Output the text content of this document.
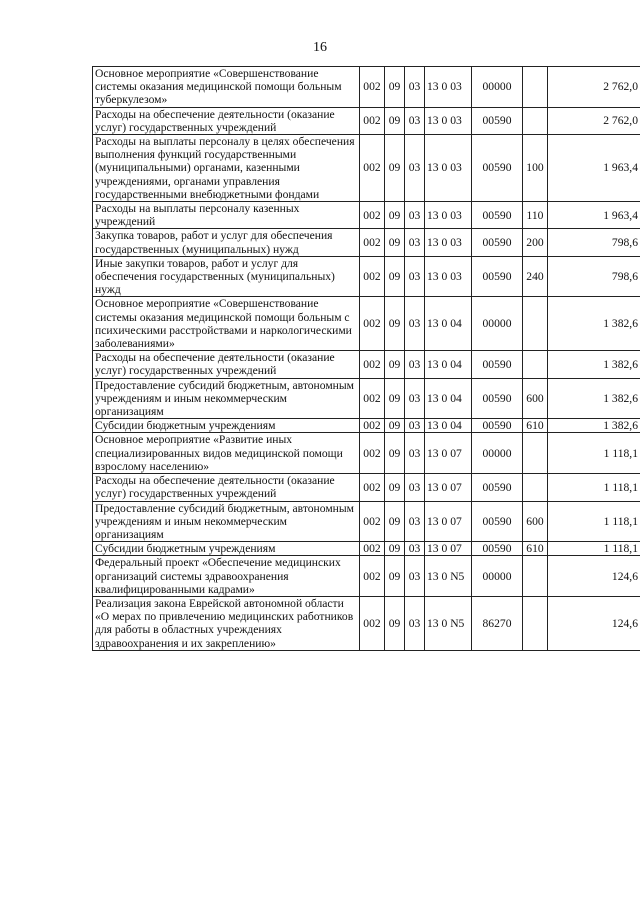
16
Основное мероприятие «Совершенствование системы оказания медицинской помощи больным туберкулезом»	002	09	03	13 0 03	00000		2 762,0
Расходы на обеспечение деятельности (оказание услуг) государственных учреждений	002	09	03	13 0 03	00590		2 762,0
Расходы на выплаты персоналу в целях обеспечения выполнения функций государственными (муниципальными) органами, казенными учреждениями, органами управления государственными внебюджетными фондами	002	09	03	13 0 03	00590	100	1 963,4
Расходы на выплаты персоналу казенных учреждений	002	09	03	13 0 03	00590	110	1 963,4
Закупка товаров, работ и услуг для обеспечения государственных (муниципальных) нужд	002	09	03	13 0 03	00590	200	798,6
Иные закупки товаров, работ и услуг для обеспечения государственных (муниципальных) нужд	002	09	03	13 0 03	00590	240	798,6
Основное мероприятие «Совершенствование системы оказания медицинской помощи больным с психическими расстройствами и наркологическими заболеваниями»	002	09	03	13 0 04	00000		1 382,6
Расходы на обеспечение деятельности (оказание услуг) государственных учреждений	002	09	03	13 0 04	00590		1 382,6
Предоставление субсидий бюджетным, автономным учреждениям и иным некоммерческим организациям	002	09	03	13 0 04	00590	600	1 382,6
Субсидии бюджетным учреждениям	002	09	03	13 0 04	00590	610	1 382,6
Основное мероприятие «Развитие иных специализированных видов медицинской помощи взрослому населению»	002	09	03	13 0 07	00000		1 118,1
Расходы на обеспечение деятельности (оказание услуг) государственных учреждений	002	09	03	13 0 07	00590		1 118,1
Предоставление субсидий бюджетным, автономным учреждениям и иным некоммерческим организациям	002	09	03	13 0 07	00590	600	1 118,1
Субсидии бюджетным учреждениям	002	09	03	13 0 07	00590	610	1 118,1
Федеральный проект «Обеспечение медицинских организаций системы здравоохранения квалифицированными кадрами»	002	09	03	13 0 N5	00000		124,6
Реализация закона Еврейской автономной области «О мерах по привлечению медицинских работников для работы в областных учреждениях здравоохранения и их закреплению»	002	09	03	13 0 N5	86270		124,6
